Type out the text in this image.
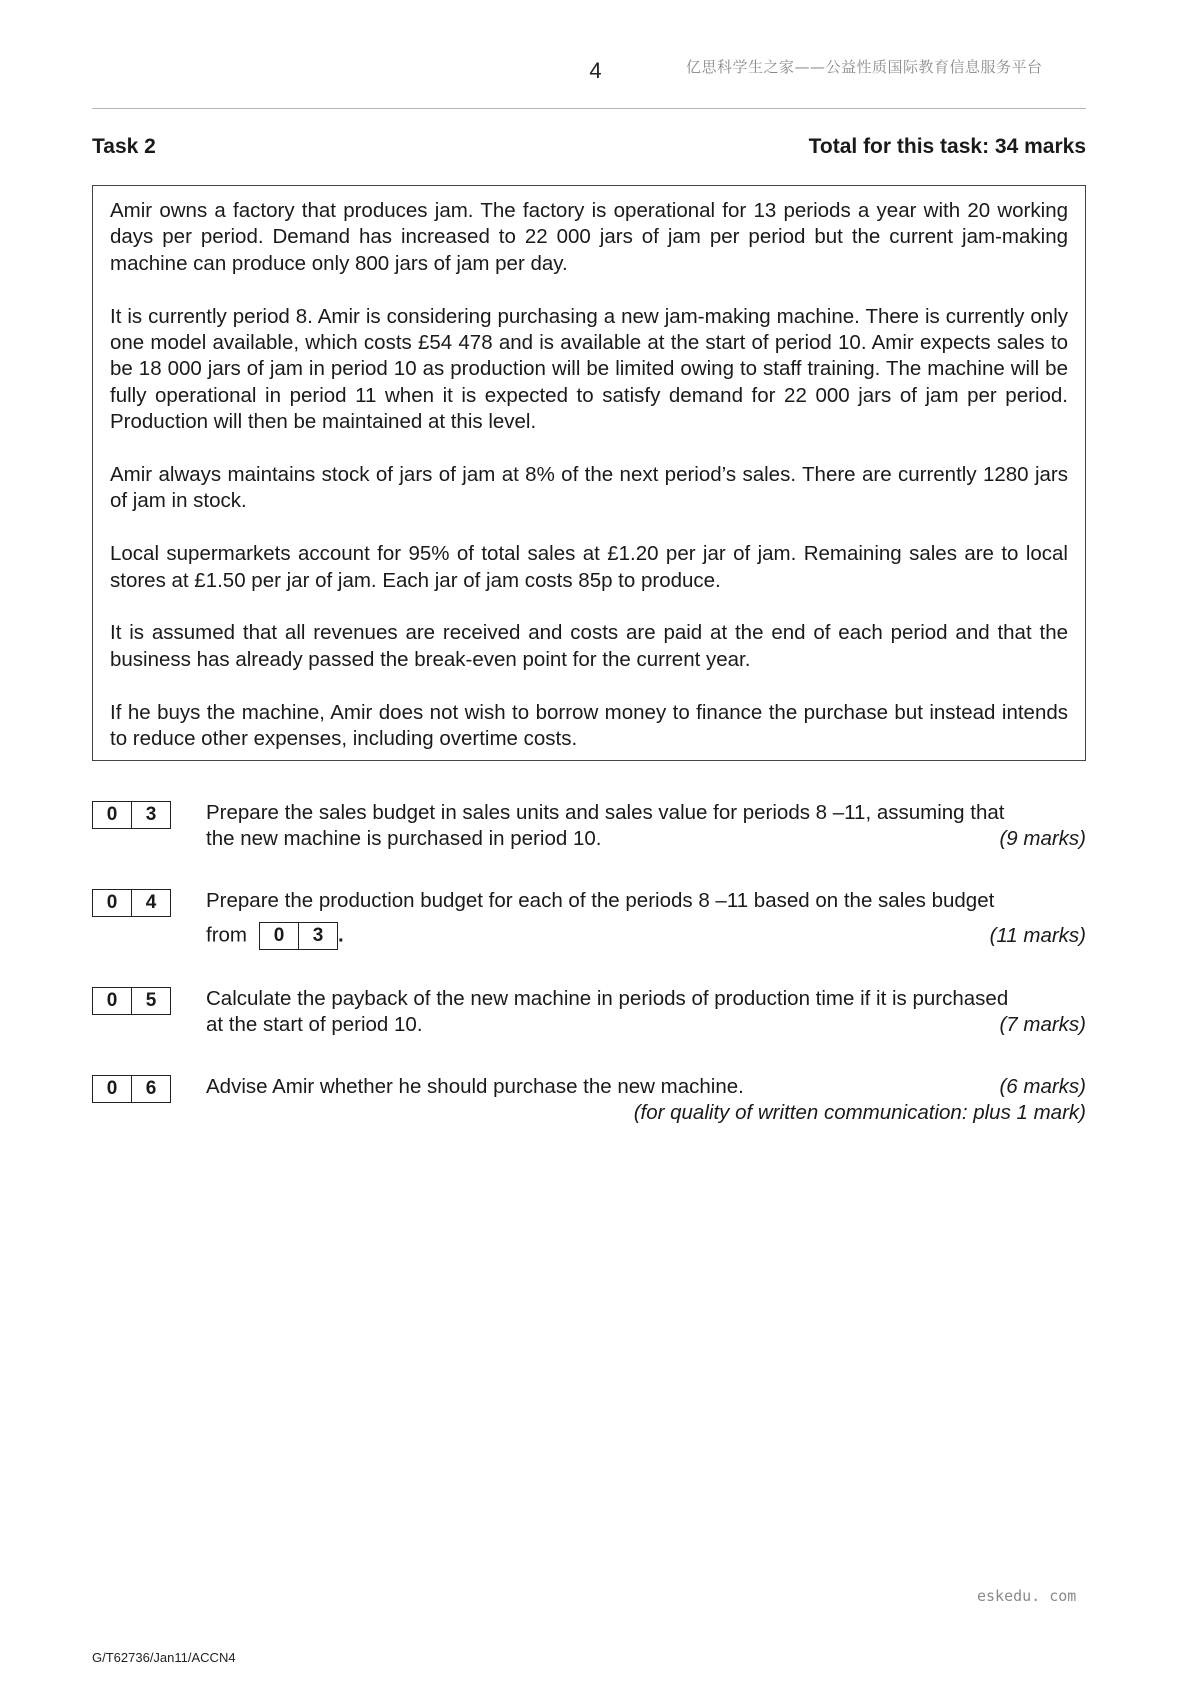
4	亿思科学生之家——公益性质国际教育信息服务平台
Task 2	Total for this task: 34 marks

Amir owns a factory that produces jam. The factory is operational for 13 periods a year with 20 working days per period. Demand has increased to 22 000 jars of jam per period but the current jam-making machine can produce only 800 jars of jam per day.

It is currently period 8. Amir is considering purchasing a new jam-making machine. There is currently only one model available, which costs £54 478 and is available at the start of period 10. Amir expects sales to be 18 000 jars of jam in period 10 as production will be limited owing to staff training. The machine will be fully operational in period 11 when it is expected to satisfy demand for 22 000 jars of jam per period. Production will then be maintained at this level.

Amir always maintains stock of jars of jam at 8% of the next period’s sales. There are currently 1280 jars of jam in stock.

Local supermarkets account for 95% of total sales at £1.20 per jar of jam. Remaining sales are to local stores at £1.50 per jar of jam. Each jar of jam costs 85p to produce.

It is assumed that all revenues are received and costs are paid at the end of each period and that the business has already passed the break-even point for the current year.

If he buys the machine, Amir does not wish to borrow money to finance the purchase but instead intends to reduce other expenses, including overtime costs.

0	3	Prepare the sales budget in sales units and sales value for periods 8 –11, assuming that
the new machine is purchased in period 10.	(9 marks)
0	4	Prepare the production budget for each of the periods 8 –11 based on the sales budget
from	0	3 .	(11 marks)
0	5	Calculate the payback of the new machine in periods of production time if it is purchased
at the start of period 10.	(7 marks)
0	6	Advise Amir whether he should purchase the new machine.	(6 marks)
(for quality of written communication: plus 1 mark)
eskedu. com
G/T62736/Jan11/ACCN4
